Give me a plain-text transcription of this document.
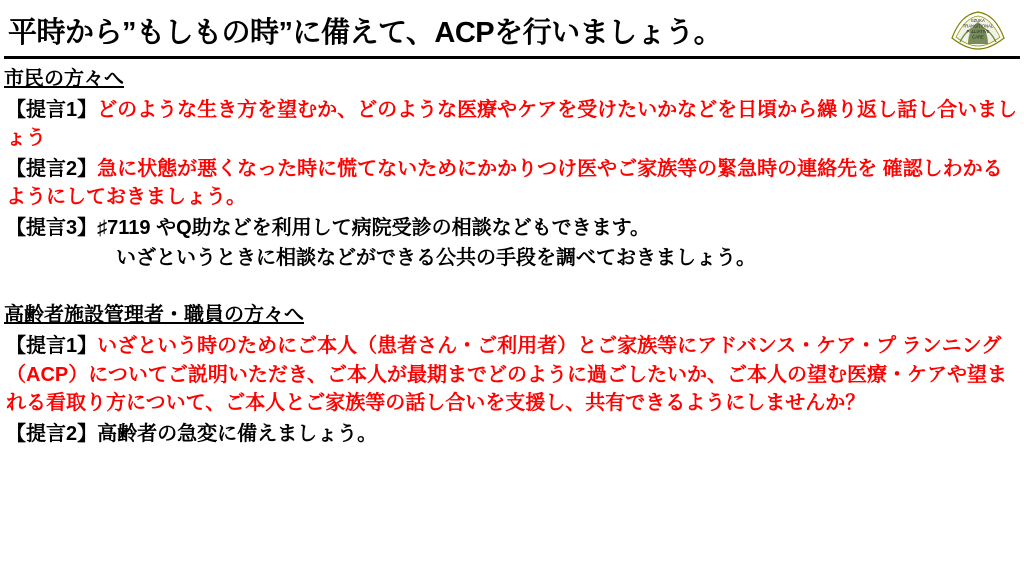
平時から”もしもの時”に備えて、ACPを行いましょう。	IIZUKA
TRANSITIONAL
PALLIATIVE
CARE
市民の方々へ
【提言1】どのような生き方を望むか、どのような医療やケアを受けたいかなどを日頃から繰り返し話し合いましょう
【提言2】急に状態が悪くなった時に慌てないためにかかりつけ医やご家族等の緊急時の連絡先を 確認しわかるようにしておきましょう。
【提言3】♯7119 やQ助などを利用して病院受診の相談などもできます。
いざというときに相談などができる公共の手段を調べておきましょう。
高齢者施設管理者・職員の方々へ
【提言1】いざという時のためにご本人（患者さん・ご利用者）とご家族等にアドバンス・ケア・プ ランニング（ACP）についてご説明いただき、ご本人が最期までどのように過ごしたいか、ご本人の望む医療・ケアや望まれる看取り方について、ご本人とご家族等の話し合いを支援し、共有できるようにしませんか？
【提言2】高齢者の急変に備えましょう。
